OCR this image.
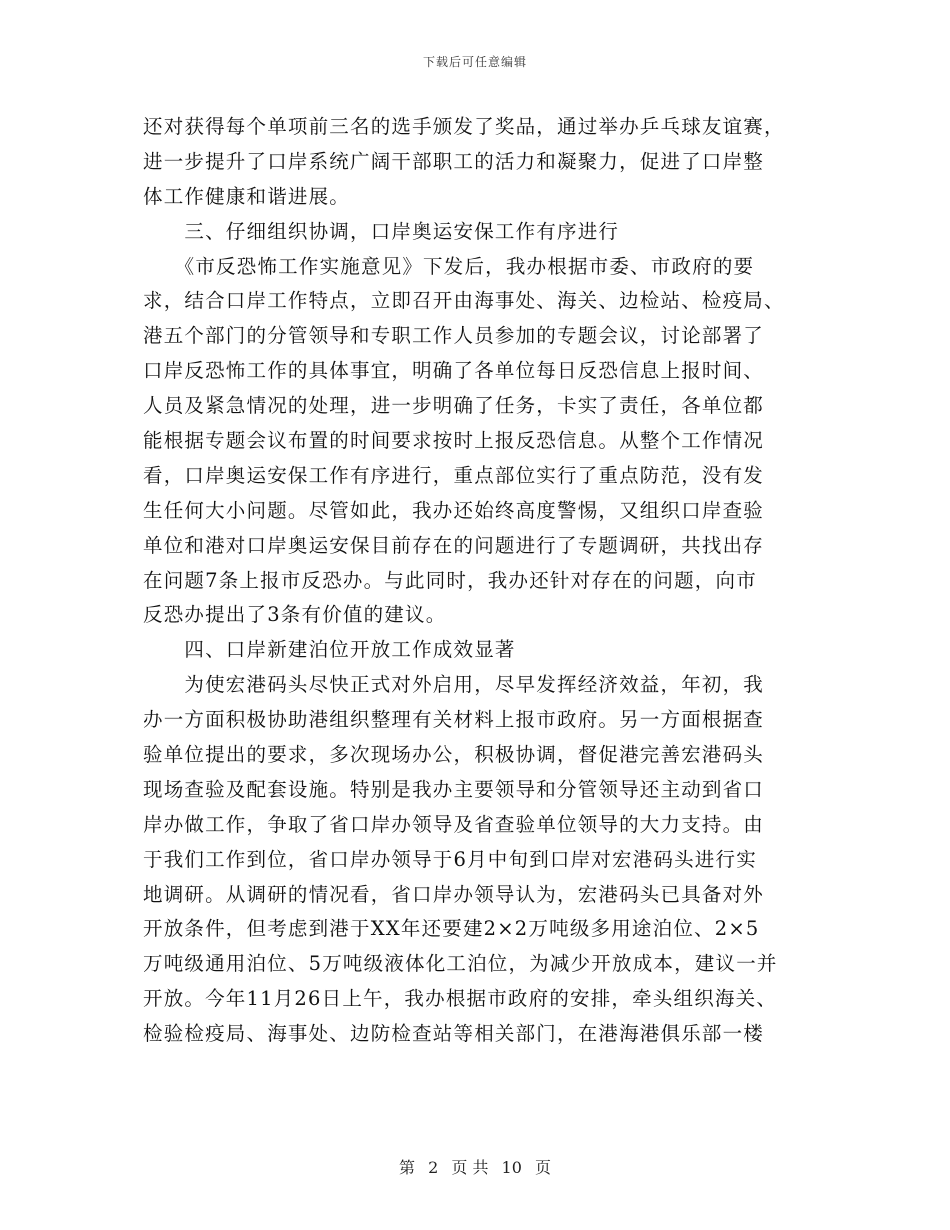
下载后可任意编辑
还对获得每个单项前三名的选手颁发了奖品，通过举办乒乓球友谊赛，
进一步提升了口岸系统广阔干部职工的活力和凝聚力，促进了口岸整
体工作健康和谐进展。
　　三、仔细组织协调，口岸奥运安保工作有序进行
　　《市反恐怖工作实施意见》下发后，我办根据市委、市政府的要
求，结合口岸工作特点，立即召开由海事处、海关、边检站、检疫局、
港五个部门的分管领导和专职工作人员参加的专题会议，讨论部署了
口岸反恐怖工作的具体事宜，明确了各单位每日反恐信息上报时间、
人员及紧急情况的处理，进一步明确了任务，卡实了责任，各单位都
能根据专题会议布置的时间要求按时上报反恐信息。从整个工作情况
看，口岸奥运安保工作有序进行，重点部位实行了重点防范，没有发
生任何大小问题。尽管如此，我办还始终高度警惕，又组织口岸查验
单位和港对口岸奥运安保目前存在的问题进行了专题调研，共找出存
在问题7条上报市反恐办。与此同时，我办还针对存在的问题，向市
反恐办提出了3条有价值的建议。
　　四、口岸新建泊位开放工作成效显著
　　为使宏港码头尽快正式对外启用，尽早发挥经济效益，年初，我
办一方面积极协助港组织整理有关材料上报市政府。另一方面根据查
验单位提出的要求，多次现场办公，积极协调，督促港完善宏港码头
现场查验及配套设施。特别是我办主要领导和分管领导还主动到省口
岸办做工作，争取了省口岸办领导及省查验单位领导的大力支持。由
于我们工作到位，省口岸办领导于6月中旬到口岸对宏港码头进行实
地调研。从调研的情况看，省口岸办领导认为，宏港码头已具备对外
开放条件，但考虑到港于XX年还要建2×2万吨级多用途泊位、2×5
万吨级通用泊位、5万吨级液体化工泊位，为减少开放成本，建议一并
开放。今年11月26日上午，我办根据市政府的安排，牵头组织海关、
检验检疫局、海事处、边防检查站等相关部门，在港海港俱乐部一楼
第 2 页 共 10 页
